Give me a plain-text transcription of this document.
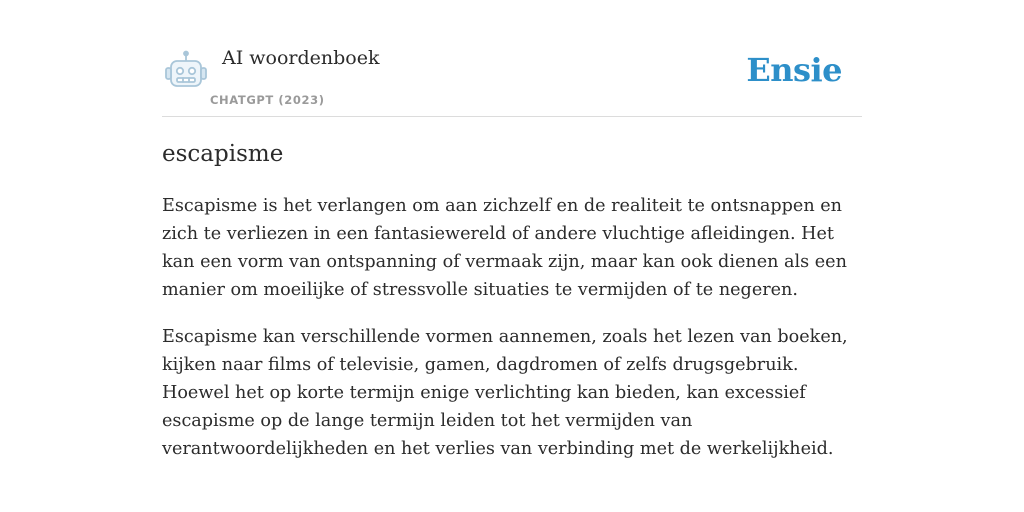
AI woordenboek
CHATGPT (2023)
Ensie
escapisme

Escapisme is het verlangen om aan zichzelf en de realiteit te ontsnappen en zich te verliezen in een fantasiewereld of andere vluchtige afleidingen. Het kan een vorm van ontspanning of vermaak zijn, maar kan ook dienen als een manier om moeilijke of stressvolle situaties te vermijden of te negeren.

Escapisme kan verschillende vormen aannemen, zoals het lezen van boeken, kijken naar films of televisie, gamen, dagdromen of zelfs drugsgebruik. Hoewel het op korte termijn enige verlichting kan bieden, kan excessief escapisme op de lange termijn leiden tot het vermijden van verantwoordelijkheden en het verlies van verbinding met de werkelijkheid.
